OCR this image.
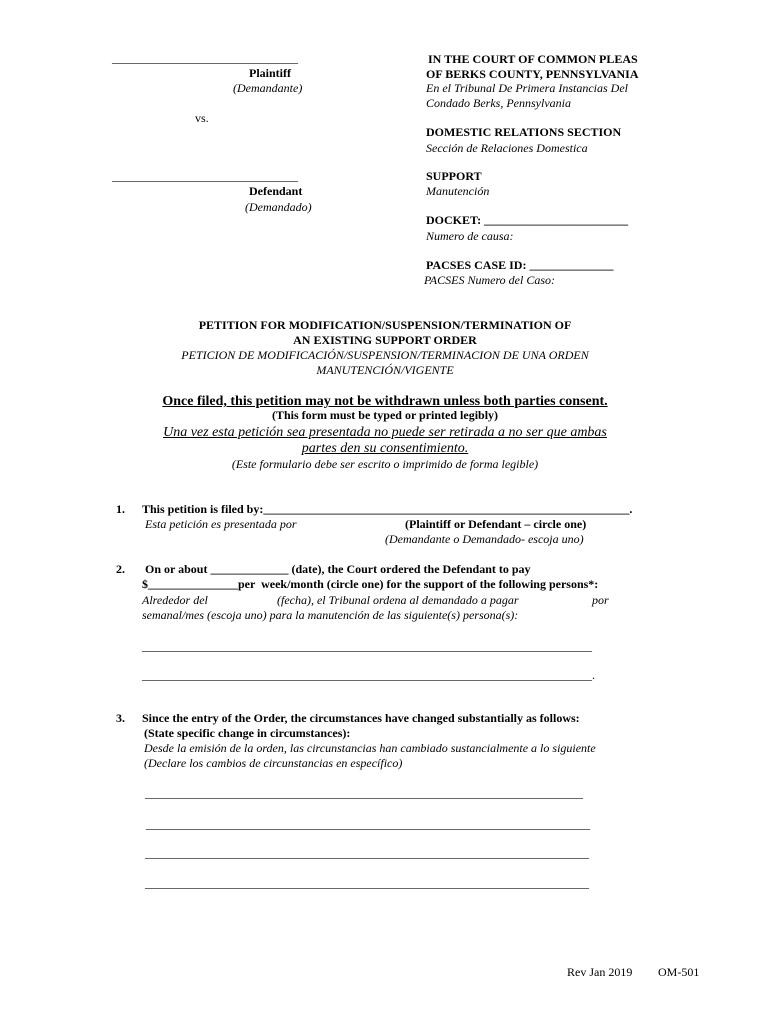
_______________________________
Plaintiff
(Demandante)
vs.
_______________________________
Defendant
(Demandado)
IN THE COURT OF COMMON PLEAS
OF BERKS COUNTY, PENNSYLVANIA
En el Tribunal De Primera Instancias Del
Condado Berks, Pennsylvania
DOMESTIC RELATIONS SECTION
Sección de Relaciones Domestica
SUPPORT
Manutención
DOCKET: ________________________
Numero de causa:
PACSES CASE ID: ______________
PACSES Numero del Caso:
PETITION FOR MODIFICATION/SUSPENSION/TERMINATION OF
AN EXISTING SUPPORT ORDER
PETICION DE MODIFICACIÓN/SUSPENSION/TERMINACION DE UNA ORDEN
MANUTENCIÓN/VIGENTE
Once filed, this petition may not be withdrawn unless both parties consent.
(This form must be typed or printed legibly)
Una vez esta petición sea presentada no puede ser retirada a no ser que ambas
partes den su consentimiento.
(Este formulario debe ser escrito o imprimido de forma legible)
1. This petition is filed by:_____________________________________________________________.
Esta petición es presentada por	(Plaintiff or Defendant – circle one)
(Demandante o Demandado- escoja uno)
2. On or about _____________ (date), the Court ordered the Defendant to pay
$_______________per  week/month (circle one) for the support of the following persons*:
Alrededor del	(fecha), el Tribunal ordena al demandado a pagar	por
semanal/mes (escoja uno) para la manutención de las siguiente(s) persona(s):
___________________________________________________________________________
___________________________________________________________________________.
3. Since the entry of the Order, the circumstances have changed substantially as follows:
(State specific change in circumstances):
Desde la emisión de la orden, las circunstancias han cambiado sustancialmente a lo siguiente
(Declare los cambios de circunstancias en específico)
_________________________________________________________________________
__________________________________________________________________________
__________________________________________________________________________
__________________________________________________________________________
Rev Jan 2019 OM-501
